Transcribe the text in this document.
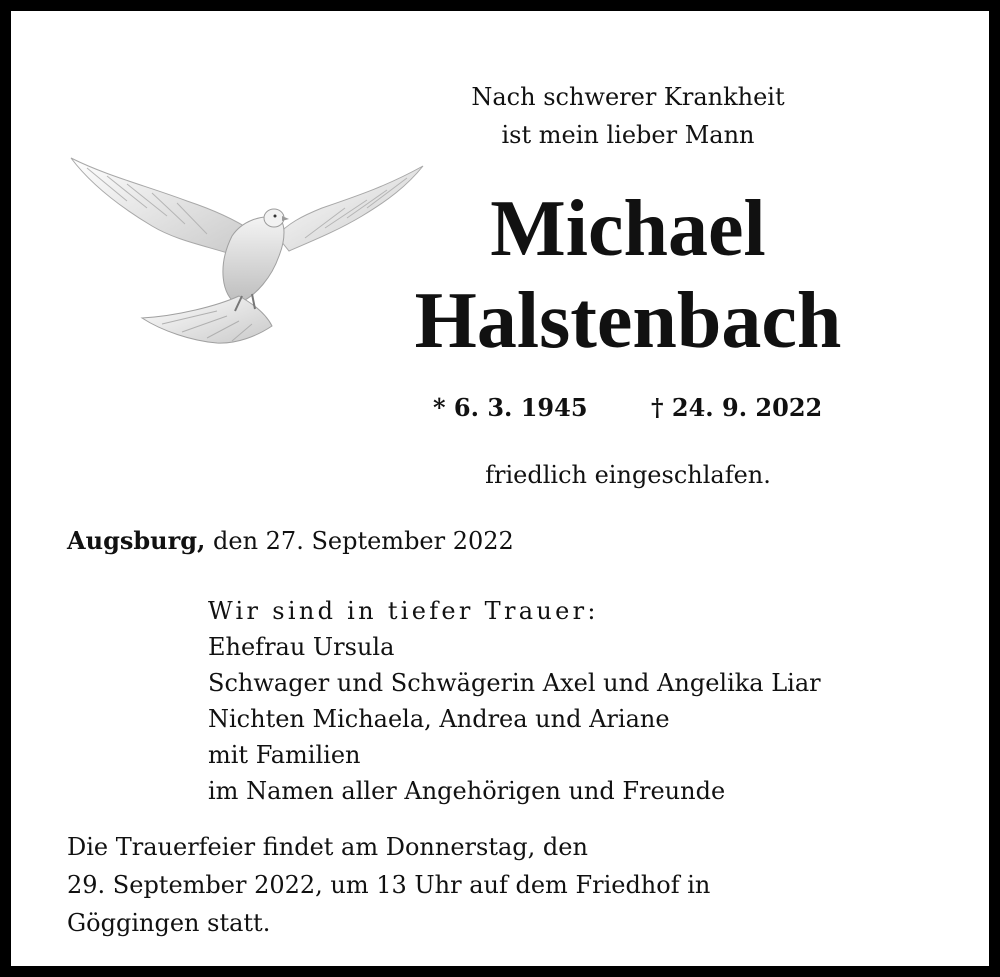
Nach schwerer Krankheit
ist mein lieber Mann
Michael
Halstenbach
* 6. 3. 1945	† 24. 9. 2022
friedlich eingeschlafen.
Augsburg, den 27. September 2022
Wir sind in tiefer Trauer:
Ehefrau Ursula
Schwager und Schwägerin Axel und Angelika Liar
Nichten Michaela, Andrea und Ariane
mit Familien
im Namen aller Angehörigen und Freunde
Die Trauerfeier findet am Donnerstag, den
29. September 2022, um 13 Uhr auf dem Friedhof in
Göggingen statt.
